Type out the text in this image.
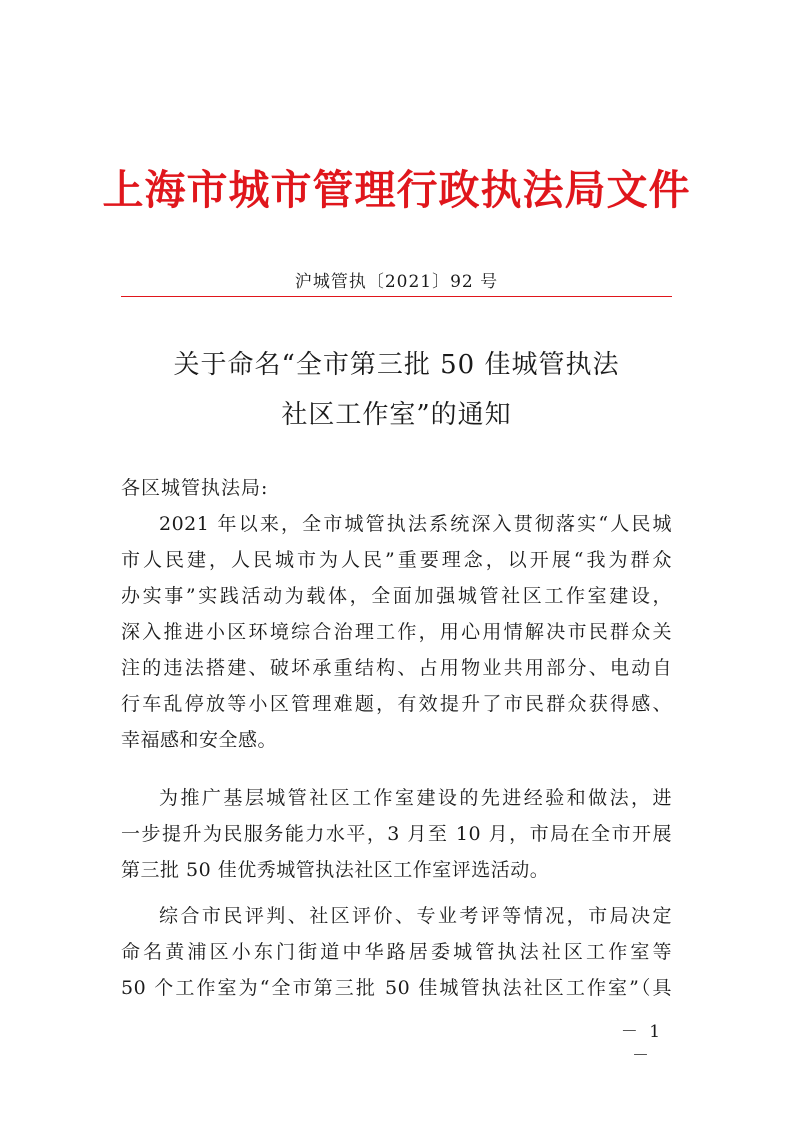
上海市城市管理行政执法局文件
沪城管执〔2021〕92 号
关于命名“全市第三批 50 佳城管执法
社区工作室”的通知
各区城管执法局:
2021 年以来，全市城管执法系统深入贯彻落实“人民城
市人民建，人民城市为人民”重要理念，以开展“我为群众
办实事”实践活动为载体，全面加强城管社区工作室建设，
深入推进小区环境综合治理工作，用心用情解决市民群众关
注的违法搭建、破坏承重结构、占用物业共用部分、电动自
行车乱停放等小区管理难题，有效提升了市民群众获得感、
幸福感和安全感。
为推广基层城管社区工作室建设的先进经验和做法，进
一步提升为民服务能力水平，3 月至 10 月，市局在全市开展
第三批 50 佳优秀城管执法社区工作室评选活动。
综合市民评判、社区评价、专业考评等情况，市局决定
命名黄浦区小东门街道中华路居委城管执法社区工作室等
50 个工作室为“全市第三批 50 佳城管执法社区工作室”（具
－ 1 －
